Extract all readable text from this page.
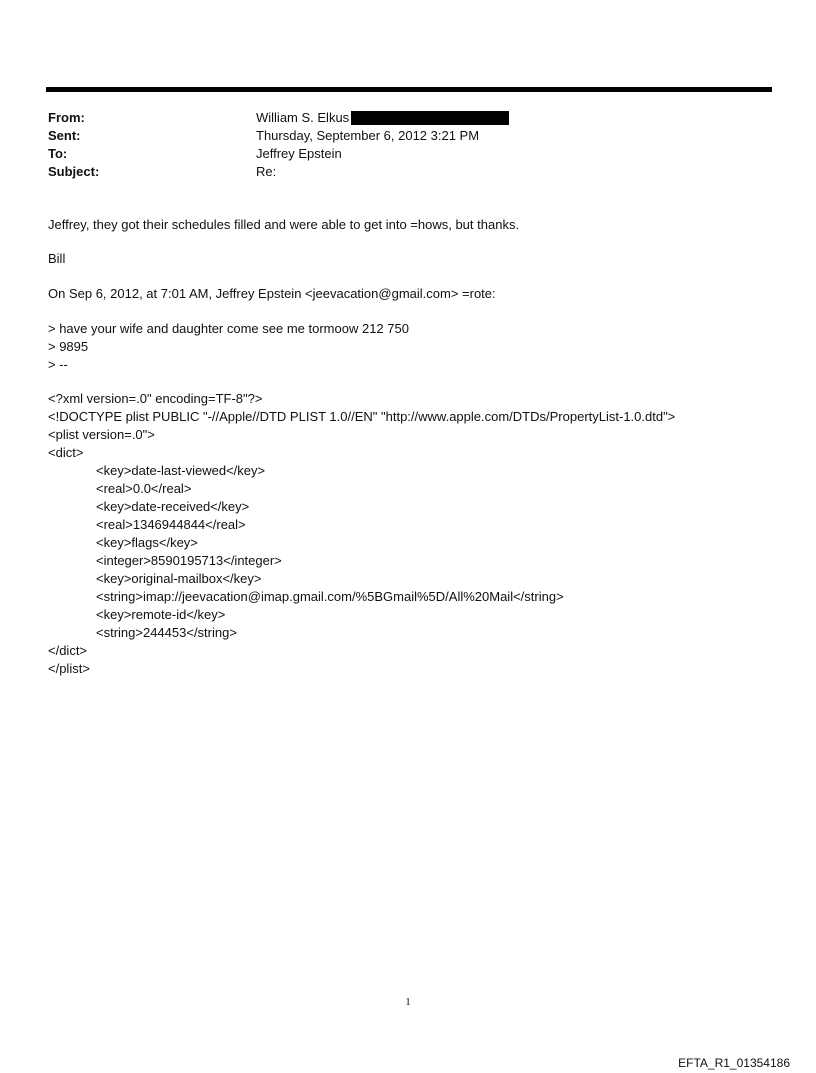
From:	William S. Elkus
Sent:	Thursday, September 6, 2012 3:21 PM
To:	Jeffrey Epstein
Subject:	Re:
Jeffrey, they got their schedules filled and were able to get into =hows, but thanks.
Bill
On Sep 6, 2012, at 7:01 AM, Jeffrey Epstein <jeevacation@gmail.com> =rote:
> have your wife and daughter come see me tormoow 212 750
> 9895
> --
<?xml version=.0" encoding=TF-8"?>
<!DOCTYPE plist PUBLIC "-//Apple//DTD PLIST 1.0//EN" "http://www.apple.com/DTDs/PropertyList-1.0.dtd">
<plist version=.0">
<dict>
<key>date-last-viewed</key>
<real>0.0</real>
<key>date-received</key>
<real>1346944844</real>
<key>flags</key>
<integer>8590195713</integer>
<key>original-mailbox</key>
<string>imap://jeevacation@imap.gmail.com/%5BGmail%5D/All%20Mail</string>
<key>remote-id</key>
<string>244453</string>
</dict>
</plist>
1
EFTA_R1_01354186
